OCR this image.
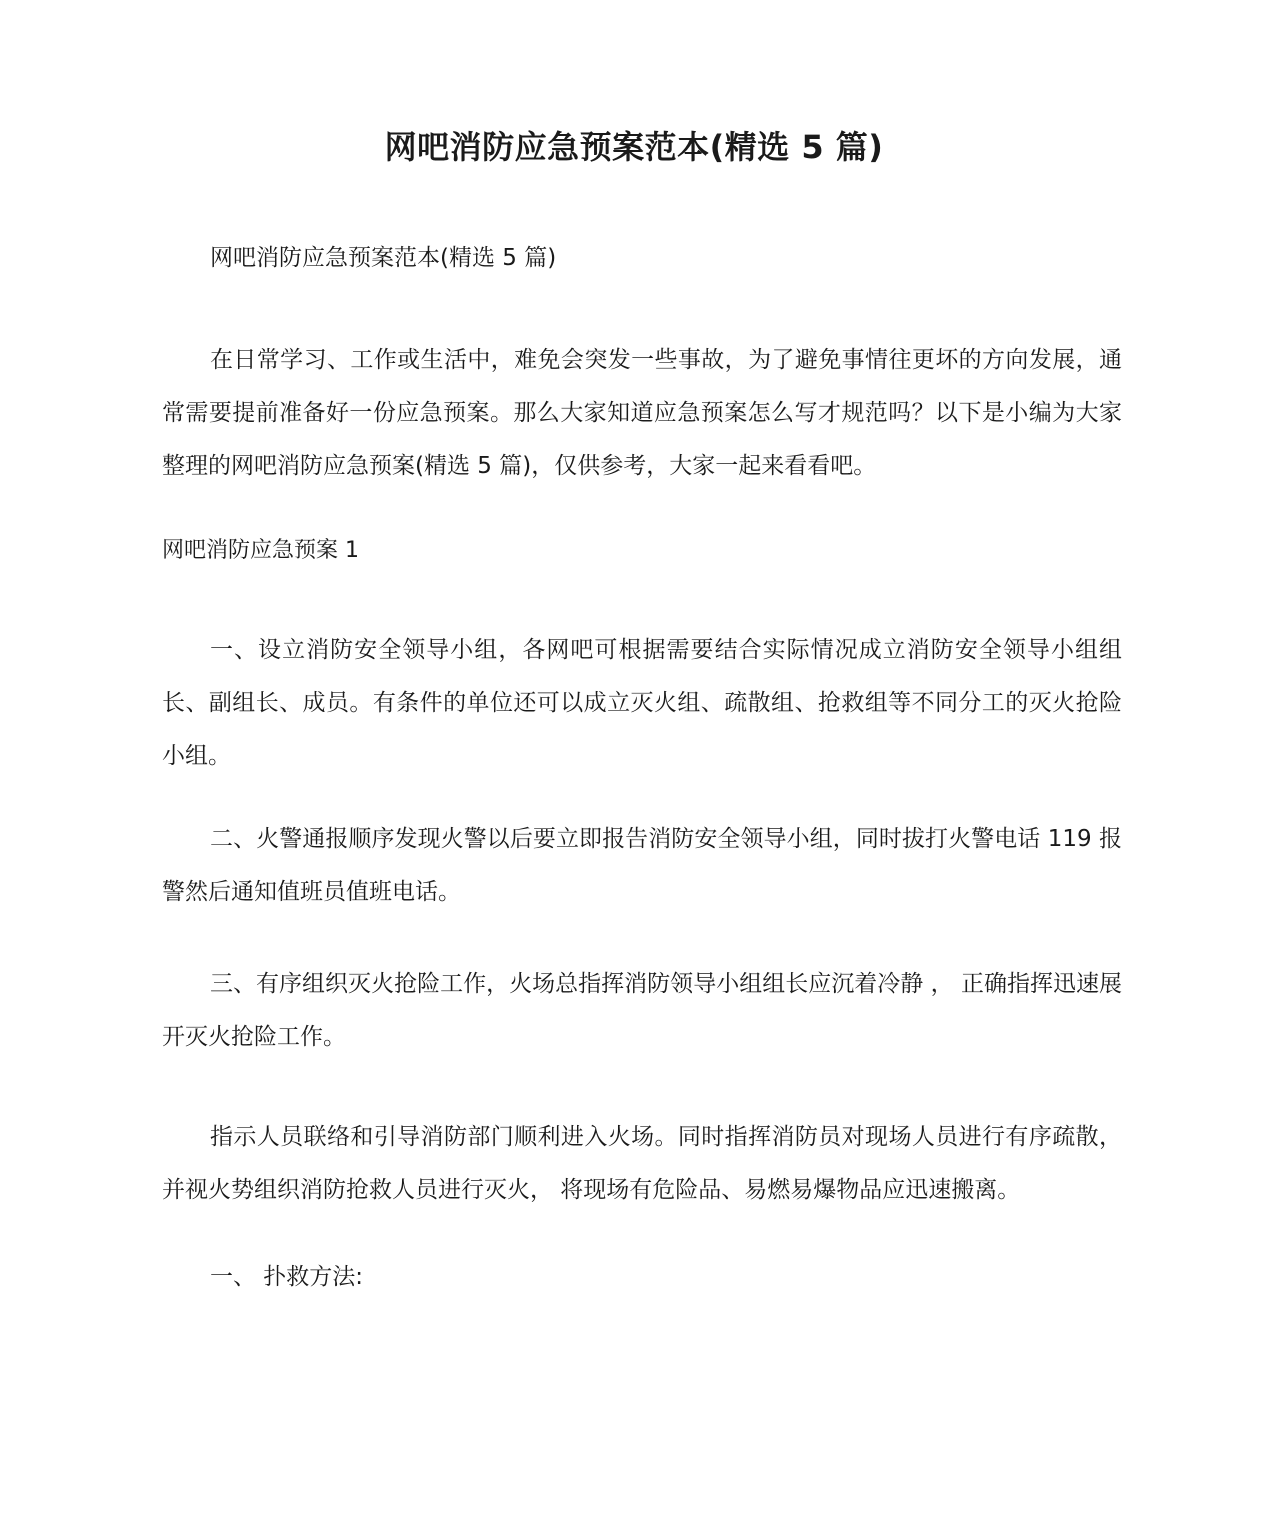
网吧消防应急预案范本(精选 5 篇)

网吧消防应急预案范本(精选 5 篇)

在日常学习、工作或生活中，难免会突发一些事故，为了避免事情往更坏的方向发展，通常需要提前准备好一份应急预案。那么大家知道应急预案怎么写才规范吗？以下是小编为大家整理的网吧消防应急预案(精选 5 篇)，仅供参考，大家一起来看看吧。

网吧消防应急预案 1

一、设立消防安全领导小组，各网吧可根据需要结合实际情况成立消防安全领导小组组长、副组长、成员。有条件的单位还可以成立灭火组、疏散组、抢救组等不同分工的灭火抢险小组。

二、火警通报顺序发现火警以后要立即报告消防安全领导小组，同时拔打火警电话 119 报警然后通知值班员值班电话。

三、有序组织灭火抢险工作，火场总指挥消防领导小组组长应沉着冷静 ， 正确指挥迅速展开灭火抢险工作。

指示人员联络和引导消防部门顺利进入火场。同时指挥消防员对现场人员进行有序疏散， 并视火势组织消防抢救人员进行灭火， 将现场有危险品、易燃易爆物品应迅速搬离。

一、 扑救方法:
